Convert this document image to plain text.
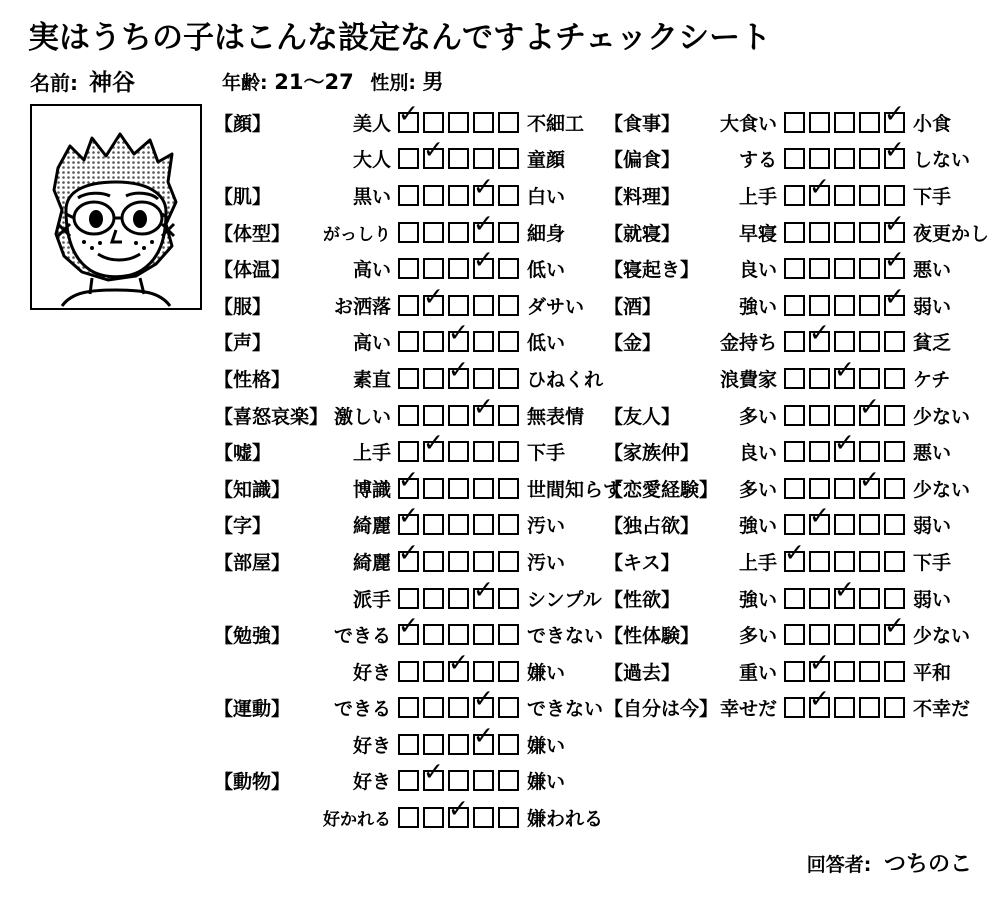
実はうちの子はこんな設定なんですよチェックシート
名前: 神谷	年齢: 21～27 性別: 男
【顔】	美人 ✓	不細工
大人 ✓	童顔
【肌】	黒い	✓	白い
【体型】	がっしり	✓	細身
【体温】	高い	✓	低い
【服】	お洒落 ✓	ダサい
【声】	高い ✓	低い
【性格】	素直 ✓	ひねくれ
【喜怒哀楽】 激しい	✓	無表情
【嘘】	上手 ✓	下手
【知識】	博識 ✓	世間知らず
【字】	綺麗 ✓	汚い
【部屋】	綺麗 ✓	汚い
派手	✓	シンプル
【勉強】	できる ✓	できない
好き ✓	嫌い
【運動】	できる	✓	できない
好き	✓	嫌い
【動物】	好き ✓	嫌い
好かれる ✓	嫌われる
【食事】	大食い	✓ 小食
【偏食】	する	✓ しない
【料理】	上手 ✓	下手
【就寝】	早寝	✓ 夜更かし
【寝起き】	良い	✓ 悪い
【酒】	強い	✓ 弱い
【金】	金持ち ✓	貧乏
浪費家 ✓	ケチ
【友人】	多い	✓	少ない
【家族仲】	良い ✓	悪い
【恋愛経験】	多い	✓	少ない
【独占欲】	強い ✓	弱い
【キス】	上手 ✓	下手
【性欲】	強い ✓	弱い
【性体験】	多い	✓ 少ない
【過去】	重い ✓	平和
【自分は今】 幸せだ ✓	不幸だ
回答者: つちのこ
